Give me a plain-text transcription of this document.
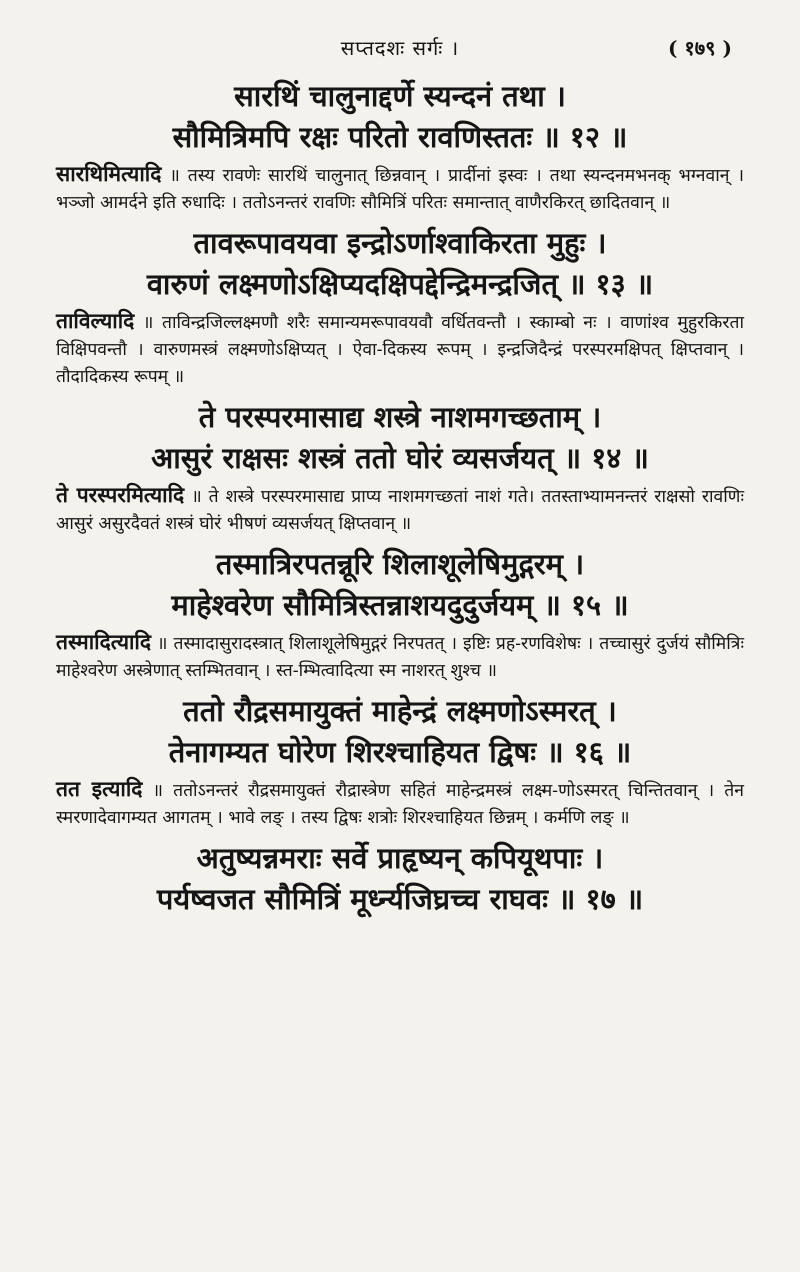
सप्तदशः सर्गः ।	( १७९ )
सारथिं चालुनाद्दर्णे स्यन्दनं तथा ।
सौमित्रिमपि रक्षः परितो रावणिस्ततः ॥ १२ ॥

सारथिमित्यादि ॥ तस्य रावणेः सारथिं चालुनात् छिन्नवान् । प्रार्दीनां इस्वः । तथा स्यन्दनमभनक् भग्नवान् । भञ्जो आमर्दने इति रुधादिः । ततोऽनन्तरं रावणिः सौमित्रिं परितः समान्तात् वाणैरकिरत् छादितवान् ॥

तावरूपावयवा इन्द्रोऽर्णाश्वाकिरता मुहुः ।
वारुणं लक्ष्मणोऽक्षिप्यदक्षिपद्देन्द्रिमन्द्रजित् ॥ १३ ॥

ताविल्यादि ॥ ताविन्द्रजिल्लक्ष्मणौ शरैः समान्यमरूपावयवौ वर्धितवन्तौ । स्काम्बो नः । वाणांश्व मुहुरकिरता विक्षिपवन्तौ । वारुणमस्त्रं लक्ष्मणोऽक्षिप्यत् । ऐवा-दिकस्य रूपम् । इन्द्रजिदैन्द्रं परस्परमक्षिपत् क्षिप्तवान् । तौदादिकस्य रूपम् ॥

ते परस्परमासाद्य शस्त्रे नाशमगच्छताम् ।
आसुरं राक्षसः शस्त्रं ततो घोरं व्यसर्जयत् ॥ १४ ॥

ते परस्परमित्यादि ॥ ते शस्त्रे परस्परमासाद्य प्राप्य नाशमगच्छतां नाशं गते। ततस्ताभ्यामनन्तरं राक्षसो रावणिः आसुरं असुरदैवतं शस्त्रं घोरं भीषणं व्यसर्जयत् क्षिप्तवान् ॥

तस्मात्रिरपतन्नूरि शिलाशूलेषिमुद्गरम् ।
माहेश्वरेण सौमित्रिस्तन्नाशयदुदुर्जयम् ॥ १५ ॥

तस्मादित्यादि ॥ तस्मादासुरादस्त्रात् शिलाशूलेषिमुद्गरं निरपतत् । इष्टिः प्रह-रणविशेषः । तच्चासुरं दुर्जयं सौमित्रिः माहेश्वरेण अस्त्रेणात् स्तम्भितवान् । स्त-म्भित्वादित्या स्म नाशरत् शुश्च ॥

ततो रौद्रसमायुक्तं माहेन्द्रं लक्ष्मणोऽस्मरत् ।
तेनागम्यत घोरेण शिरश्चाहियत द्विषः ॥ १६ ॥

तत इत्यादि ॥ ततोऽनन्तरं रौद्रसमायुक्तं रौद्रास्त्रेण सहितं माहेन्द्रमस्त्रं लक्ष्म-णोऽस्मरत् चिन्तितवान् । तेन स्मरणादेवागम्यत आगतम् । भावे लङ् । तस्य द्विषः शत्रोः शिरश्चाहियत छिन्नम् । कर्मणि लङ् ॥

अतुष्यन्नमराः सर्वे प्राहृष्यन् कपियूथपाः ।
पर्यष्वजत सौमित्रिं मूर्ध्न्यजिघ्रच्च राघवः ॥ १७ ॥
